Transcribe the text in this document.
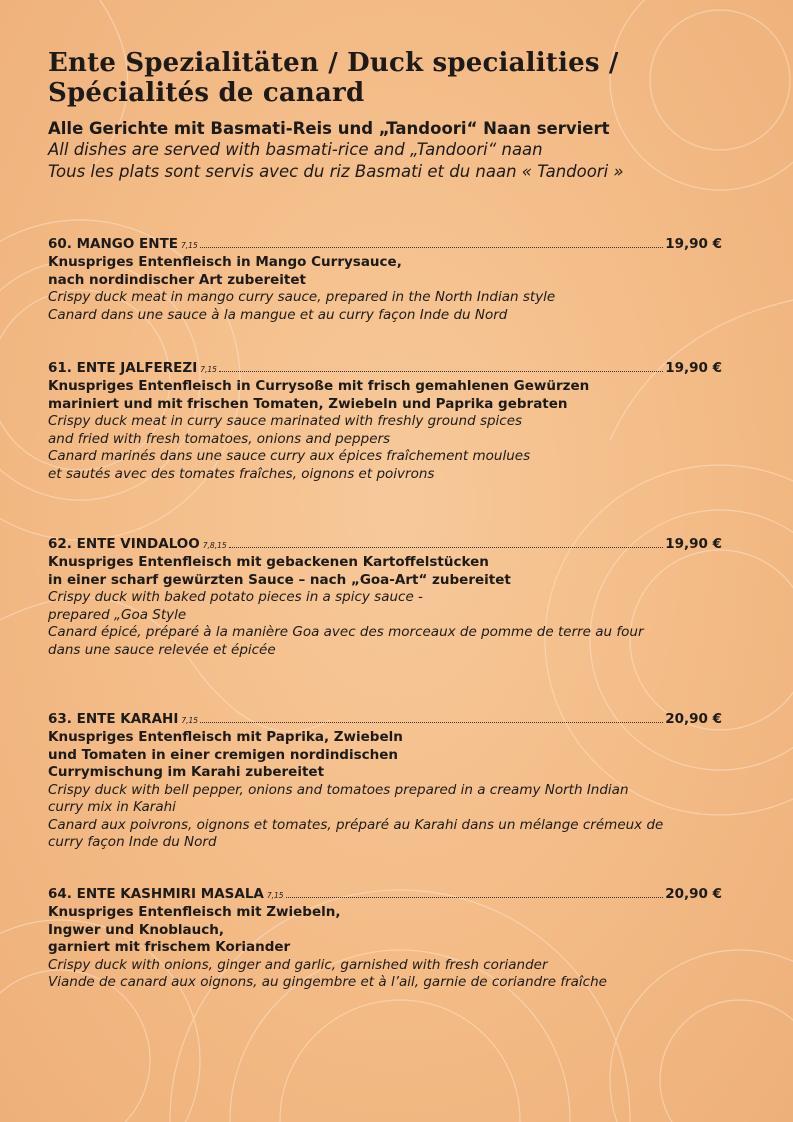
Ente Spezialitäten / Duck specialities / Spécialités de canard
Alle Gerichte mit Basmati-Reis und „Tandoori“ Naan serviert
All dishes are served with basmati-rice and „Tandoori“ naan
Tous les plats sont servis avec du riz Basmati et du naan « Tandoori »
60. MANGO ENTE 7,15	19,90 €
Knuspriges Entenfleisch in Mango Currysauce,
nach nordindischer Art zubereitet
Crispy duck meat in mango curry sauce, prepared in the North Indian style
Canard dans une sauce à la mangue et au curry façon Inde du Nord
61. ENTE JALFEREZI 7,15	19,90 €
Knuspriges Entenfleisch in Currysoße mit frisch gemahlenen Gewürzen
mariniert und mit frischen Tomaten, Zwiebeln und Paprika gebraten
Crispy duck meat in curry sauce marinated with freshly ground spices
and fried with fresh tomatoes, onions and peppers
Canard marinés dans une sauce curry aux épices fraîchement moulues
et sautés avec des tomates fraîches, oignons et poivrons
62. ENTE VINDALOO 7,8,15	19,90 €
Knuspriges Entenfleisch mit gebackenen Kartoffelstücken
in einer scharf gewürzten Sauce – nach „Goa-Art“ zubereitet
Crispy duck with baked potato pieces in a spicy sauce -
prepared „Goa Style
Canard épicé, préparé à la manière Goa avec des morceaux de pomme de terre au four
dans une sauce relevée et épicée
63. ENTE KARAHI 7,15	20,90 €
Knuspriges Entenfleisch mit Paprika, Zwiebeln
und Tomaten in einer cremigen nordindischen
Currymischung im Karahi zubereitet
Crispy duck with bell pepper, onions and tomatoes prepared in a creamy North Indian
curry mix in Karahi
Canard aux poivrons, oignons et tomates, préparé au Karahi dans un mélange crémeux de
curry façon Inde du Nord
64. ENTE KASHMIRI MASALA 7,15	20,90 €
Knuspriges Entenfleisch mit Zwiebeln,
Ingwer und Knoblauch,
garniert mit frischem Koriander
Crispy duck with onions, ginger and garlic, garnished with fresh coriander
Viande de canard aux oignons, au gingembre et à l’ail, garnie de coriandre fraîche
